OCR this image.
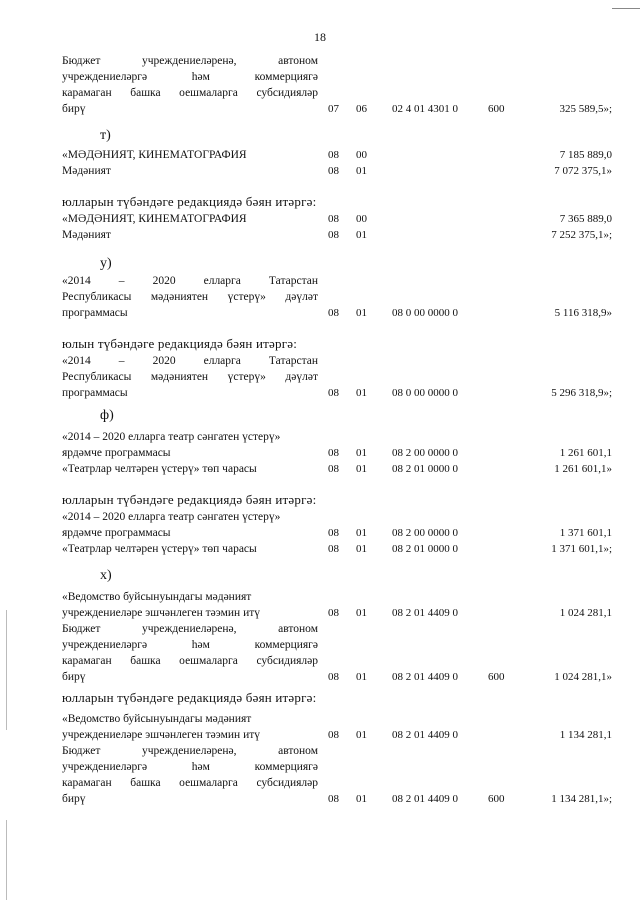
18
Бюджет учреждениеләренә, автоном
учреждениеләргә һәм коммерциягә
карамаган башка оешмаларга субсидияләр
бирү	07 06 02 4 01 4301 0	600	325 589,5»;
т)
«МӘДӘНИЯТ, КИНЕМАТОГРАФИЯ	08 00	7 185 889,0
Мәдәният	08 01	7 072 375,1»
юлларын түбәндәге редакциядә бәян итәргә:
«МӘДӘНИЯТ, КИНЕМАТОГРАФИЯ	08 00	7 365 889,0
Мәдәният	08 01	7 252 375,1»;
у)
«2014 – 2020 елларга Татарстан
Республикасы мәдәниятен үстерү» дәүләт
программасы	08 01 08 0 00 0000 0	5 116 318,9»
юлын түбәндәге редакциядә бәян итәргә:
«2014 – 2020 елларга Татарстан
Республикасы мәдәниятен үстерү» дәүләт
программасы	08 01 08 0 00 0000 0	5 296 318,9»;
ф)
«2014 – 2020 елларга театр сәнгатен үстерү»
ярдәмче программасы	08 01 08 2 00 0000 0	1 261 601,1
«Театрлар челтәрен үстерү» төп чарасы	08 01 08 2 01 0000 0	1 261 601,1»
юлларын түбәндәге редакциядә бәян итәргә:
«2014 – 2020 елларга театр сәнгатен үстерү»
ярдәмче программасы	08 01 08 2 00 0000 0	1 371 601,1
«Театрлар челтәрен үстерү» төп чарасы	08 01 08 2 01 0000 0	1 371 601,1»;
х)
«Ведомство буйсынуындагы мәдәният
учреждениеләре эшчәнлеген тәэмин итү	08 01 08 2 01 4409 0	1 024 281,1
Бюджет учреждениеләренә, автоном
учреждениеләргә һәм коммерциягә
карамаган башка оешмаларга субсидияләр
бирү	08 01 08 2 01 4409 0	600	1 024 281,1»
юлларын түбәндәге редакциядә бәян итәргә:
«Ведомство буйсынуындагы мәдәният
учреждениеләре эшчәнлеген тәэмин итү	08 01 08 2 01 4409 0	1 134 281,1
Бюджет учреждениеләренә, автоном
учреждениеләргә һәм коммерциягә
карамаган башка оешмаларга субсидияләр
бирү	08 01 08 2 01 4409 0	600	1 134 281,1»;
